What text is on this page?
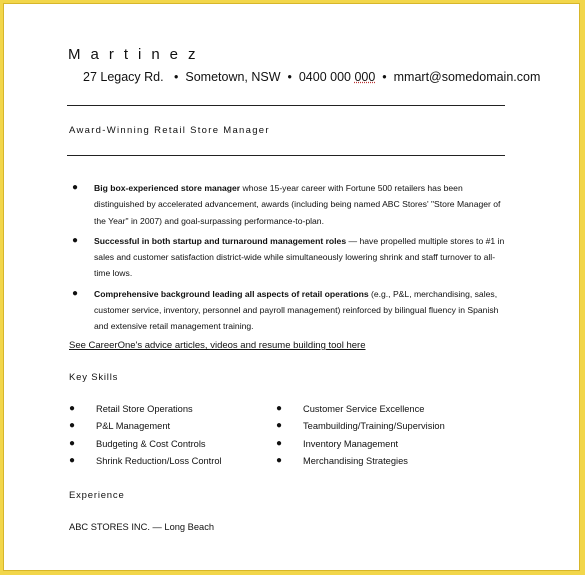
Martinez
27 Legacy Rd.   •  Sometown, NSW  •  0400 000 000  •  mmart@somedomain.com
Award-Winning Retail Store Manager
● Big box-experienced store manager whose 15-year career with Fortune 500 retailers has been distinguished by accelerated advancement, awards (including being named ABC Stores' "Store Manager of the Year" in 2007) and goal-surpassing performance-to-plan.
● Successful in both startup and turnaround management roles — have propelled multiple stores to #1 in sales and customer satisfaction district-wide while simultaneously lowering shrink and staff turnover to all-time lows.
● Comprehensive background leading all aspects of retail operations (e.g., P&L, merchandising, sales, customer service, inventory, personnel and payroll management) reinforced by bilingual fluency in Spanish and extensive retail management training.
See CareerOne's advice articles, videos and resume building tool here
Key Skills
● Retail Store Operations
● P&L Management
● Budgeting & Cost Controls
● Shrink Reduction/Loss Control
● Customer Service Excellence
● Teambuilding/Training/Supervision
● Inventory Management
● Merchandising Strategies
Experience
ABC STORES INC. — Long Beach
